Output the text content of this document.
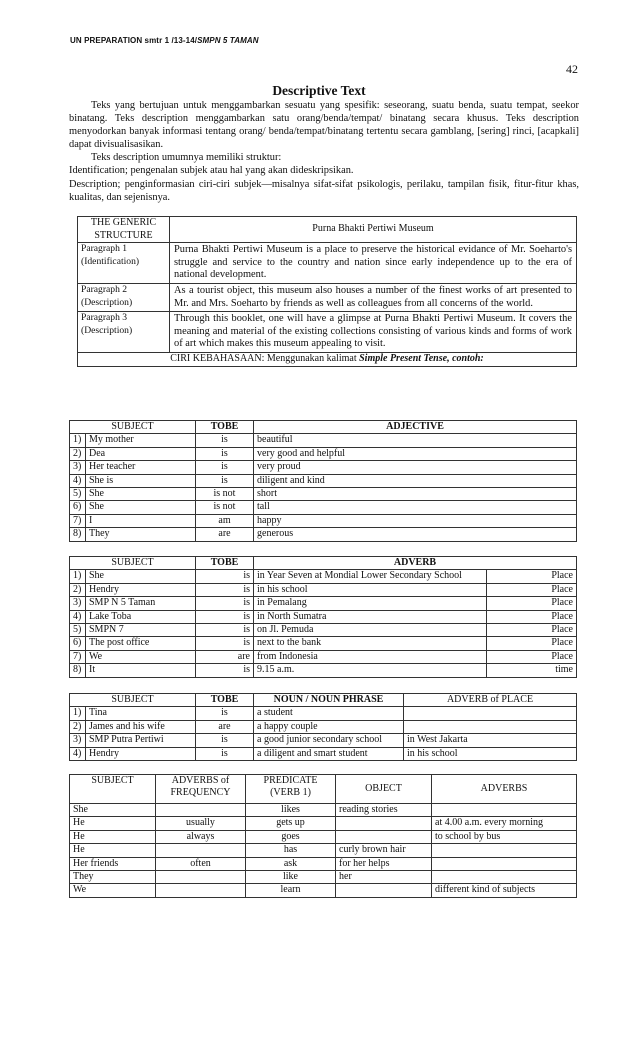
UN PREPARATION smtr 1 /13-14/SMPN 5 TAMAN
42
Descriptive Text

Teks yang bertujuan untuk menggambarkan sesuatu yang spesifik: seseorang, suatu benda, suatu tempat, seekor binatang. Teks description menggambarkan satu orang/benda/tempat/ binatang secara khusus. Teks description menyodorkan banyak informasi tentang orang/ benda/tempat/binatang tertentu secara gamblang, [sering] rinci, [acapkali] dapat divisualisasikan.

Teks description umumnya memiliki struktur:

Identification; pengenalan subjek atau hal yang akan dideskripsikan.

Description; penginformasian ciri-ciri subjek—misalnya sifat-sifat psikologis, perilaku, tampilan fisik, fitur-fitur khas, kualitas, dan sejenisnya.

THE GENERIC STRUCTURE	Purna Bhakti Pertiwi Museum
Paragraph 1
(Identification)	Purna Bhakti Pertiwi Museum is a place to preserve the historical evidance of Mr. Soeharto's struggle and service to the country and nation since early independence up to the era of national development.
Paragraph 2
(Description)	As a tourist object, this museum also houses a number of the finest works of art presented to Mr. and Mrs. Soeharto by friends as well as colleagues from all concerns of the world.
Paragraph 3
(Description)	Through this booklet, one will have a glimpse at Purna Bhakti Pertiwi Museum. It covers the meaning and material of the existing collections consisting of various kinds and forms of work of art which makes this museum appealing to visit.
CIRI KEBAHASAAN: Menggunakan kalimat Simple Present Tense, contoh:	
SUBJECT		TOBE	ADJECTIVE
1)	My mother	is	beautiful
2)	Dea	is	very good and helpful
3)	Her teacher	is	very proud
4)	She is	is	diligent and kind
5)	She	is not	short
6)	She	is not	tall
7)	I	am	happy
8)	They	are	generous
SUBJECT		TOBE	ADVERB	
1)	She	is	in Year Seven at Mondial Lower Secondary School	Place
2)	Hendry	is	in his school	Place
3)	SMP N 5 Taman	is	in Pemalang	Place
4)	Lake Toba	is	in North Sumatra	Place
5)	SMPN 7	is	on Jl. Pemuda	Place
6)	The post office	is	next to the bank	Place
7)	We	are	from Indonesia	Place
8)	It	is	9.15 a.m.	time
SUBJECT		TOBE	NOUN / NOUN PHRASE	ADVERB of PLACE
1)	Tina	is	a student	
2)	James and his wife	are	a happy couple	
3)	SMP Putra Pertiwi	is	a good junior secondary school	in West Jakarta
4)	Hendry	is	a diligent and smart student	in his school
SUBJECT	ADVERBS of FREQUENCY	PREDICATE (VERB 1)	OBJECT	ADVERBS
She		likes	reading stories	
He	usually	gets up		at 4.00 a.m. every morning
He	always	goes		to school by bus
He		has	curly brown hair	
Her friends	often	ask	for her helps	
They		like	her	
We		learn		different kind of subjects
